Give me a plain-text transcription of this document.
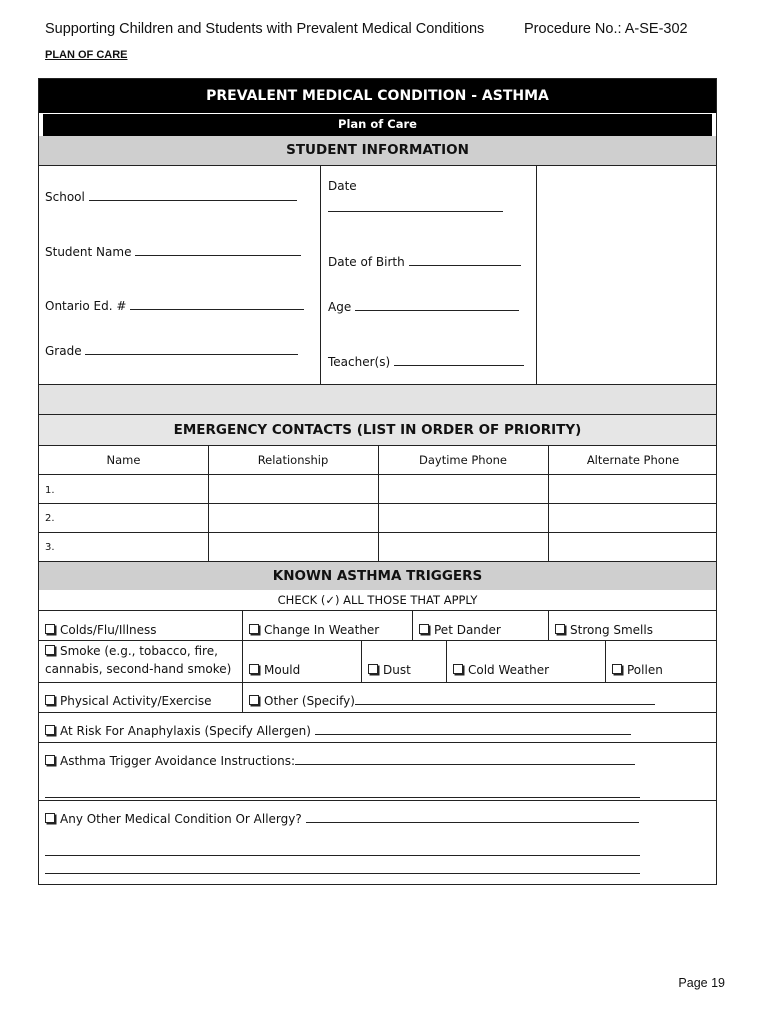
Supporting Children and Students with Prevalent Medical Conditions	Procedure No.: A-SE-302
PLAN OF CARE
PREVALENT MEDICAL CONDITION - ASTHMA
Plan of Care
STUDENT INFORMATION
School
Student Name
Ontario Ed. #
Grade
Date

Date of Birth
Age
Teacher(s)
EMERGENCY CONTACTS (LIST IN ORDER OF PRIORITY)
Name	Relationship	Daytime Phone	Alternate Phone
1.
2.
3.
KNOWN ASTHMA TRIGGERS
CHECK (✓) ALL THOSE THAT APPLY
Colds/Flu/Illness	Change In Weather	Pet Dander	Strong Smells
Smoke (e.g., tobacco, fire,
cannabis, second-hand smoke)	Mould	Dust	Cold Weather	Pollen
Physical Activity/Exercise	Other (Specify)
At Risk For Anaphylaxis (Specify Allergen)
Asthma Trigger Avoidance Instructions:
Any Other Medical Condition Or Allergy?
Page 19
